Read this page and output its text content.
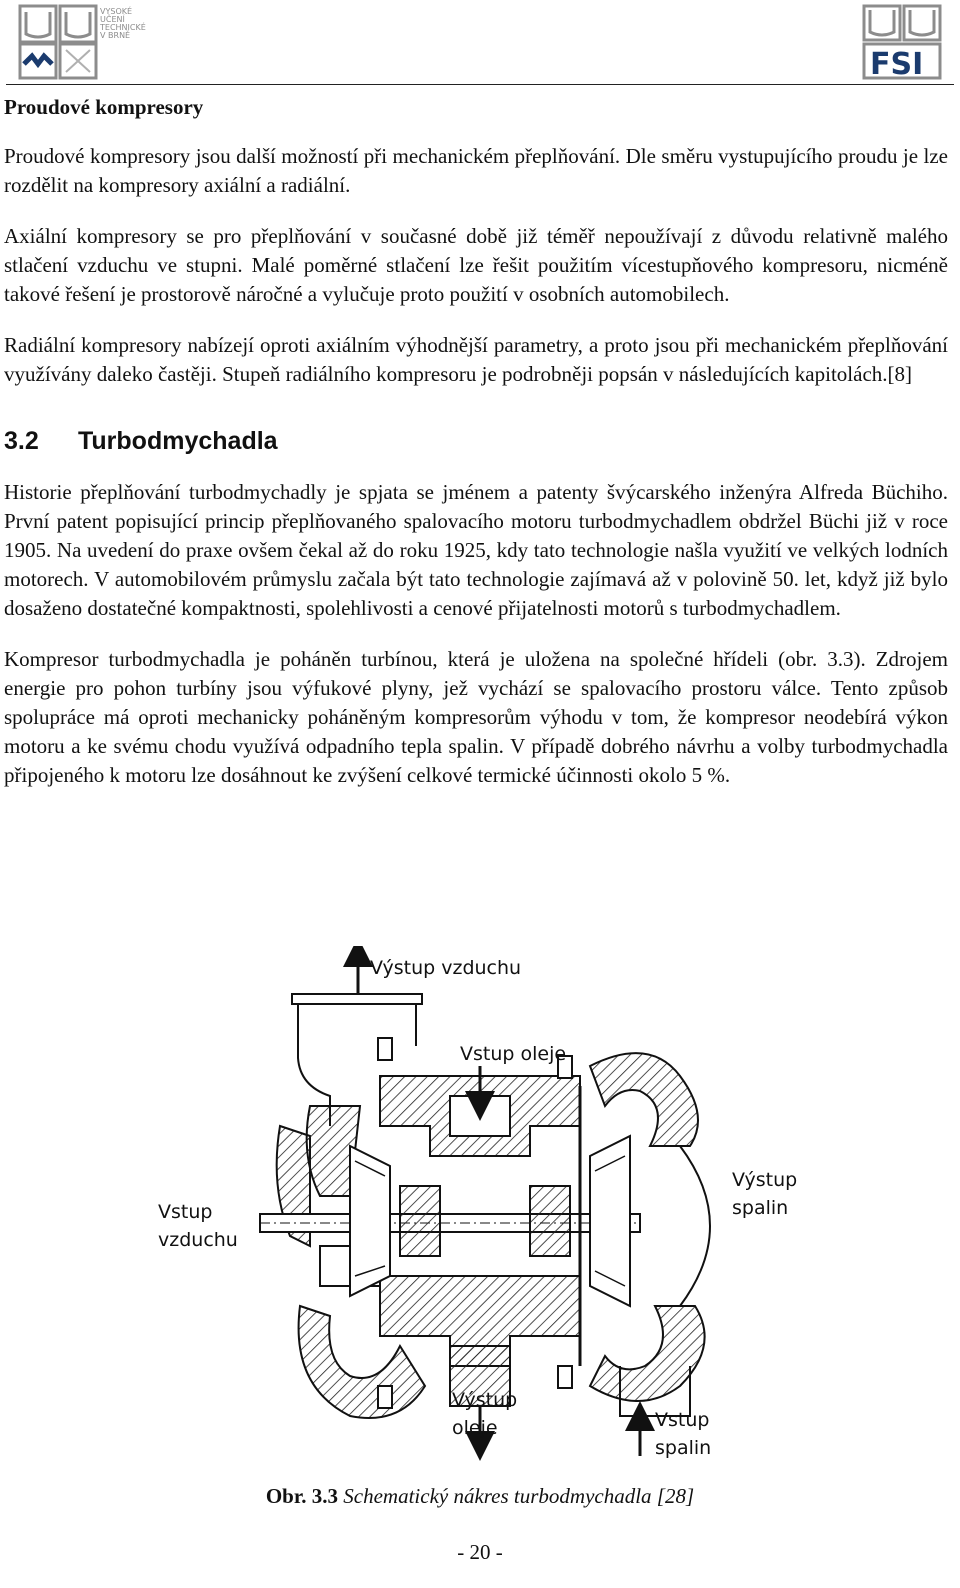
VYSOKÉ
UČENÍ
TECHNICKÉ
V BRNĚ
FSI
Proudové kompresory

Proudové kompresory jsou další možností při mechanickém přeplňování. Dle směru vystupujícího proudu je lze rozdělit na kompresory axiální a radiální.

Axiální kompresory se pro přeplňování v současné době již téměř nepoužívají z důvodu relativně malého stlačení vzduchu ve stupni. Malé poměrné stlačení lze řešit použitím vícestupňového kompresoru, nicméně takové řešení je prostorově náročné a vylučuje proto použití v osobních automobilech.

Radiální kompresory nabízejí oproti axiálním výhodnější parametry, a proto jsou při mechanickém přeplňování využívány daleko častěji. Stupeň radiálního kompresoru je podrobněji popsán v následujících kapitolách.[8]

3.2 Turbodmychadla

Historie přeplňování turbodmychadly je spjata se jménem a patenty švýcarského inženýra Alfreda Büchiho. První patent popisující princip přeplňovaného spalovacího motoru turbodmychadlem obdržel Büchi již v roce 1905. Na uvedení do praxe ovšem čekal až do roku 1925, kdy tato technologie našla využití ve velkých lodních motorech. V automobilovém průmyslu začala být tato technologie zajímavá až v polovině 50. let, když již bylo dosaženo dostatečné kompaktnosti, spolehlivosti a cenové přijatelnosti motorů s turbodmychadlem.

Kompresor turbodmychadla je poháněn turbínou, která je uložena na společné hřídeli (obr. 3.3). Zdrojem energie pro pohon turbíny jsou výfukové plyny, jež vychází se spalovacího prostoru válce. Tento způsob spolupráce má oproti mechanicky poháněným kompresorům výhodu v tom, že kompresor neodebírá výkon motoru a ke svému chodu využívá odpadního tepla spalin. V případě dobrého návrhu a volby turbodmychadla připojeného k motoru lze dosáhnout ke zvýšení celkové termické účinnosti okolo 5 %.

Výstup vzduchu
Vstup oleje
Výstup
spalin
Vstup
vzduchu
Výstup
oleje	Vstup
spalin
Obr. 3.3 Schematický nákres turbodmychadla [28]
- 20 -
